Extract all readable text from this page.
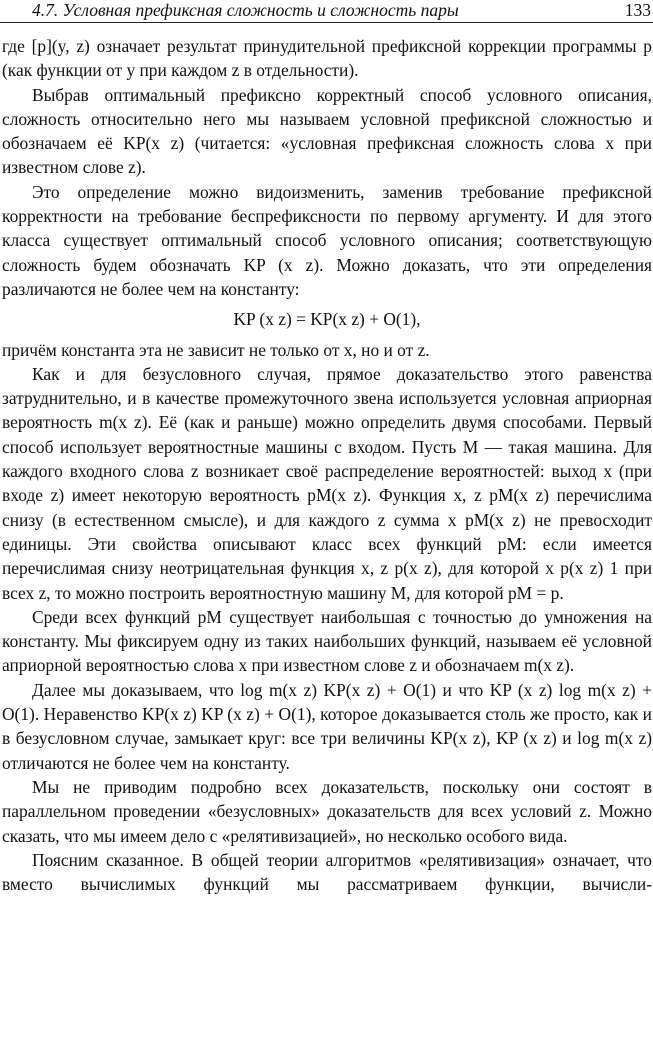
4.7. Условная префиксная сложность и сложность пары	133

где [p](y, z) означает результат принудительной префиксной коррекции программы p (как функции от y при каждом z в отдельности).

Выбрав оптимальный префиксно корректный способ условного описания, сложность относительно него мы называем условной префиксной сложностью и обозначаем её KP(x z) (читается: «условная префиксная сложность слова x при известном слове z).

Это определение можно видоизменить, заменив требование префиксной корректности на требование беспрефиксности по первому аргументу. И для этого класса существует оптимальный способ условного описания; соответствующую сложность будем обозначать KP (x z). Можно доказать, что эти определения различаются не более чем на константу:

KP (x z) = KP(x z) + O(1),

причём константа эта не зависит не только от x, но и от z.

Как и для безусловного случая, прямое доказательство этого равенства затруднительно, и в качестве промежуточного звена используется условная априорная вероятность m(x z). Её (как и раньше) можно определить двумя способами. Первый способ использует вероятностные машины с входом. Пусть M — такая машина. Для каждого входного слова z возникает своё распределение вероятностей: выход x (при входе z) имеет некоторую вероятность pM(x z). Функция x, z pM(x z) перечислима снизу (в естественном смысле), и для каждого z сумма x pM(x z) не превосходит единицы. Эти свойства описывают класс всех функций pM: если имеется перечислимая снизу неотрицательная функция x, z p(x z), для которой x p(x z) 1 при всех z, то можно построить вероятностную машину M, для которой pM = p.

Среди всех функций pM существует наибольшая с точностью до умножения на константу. Мы фиксируем одну из таких наибольших функций, называем её условной априорной вероятностью слова x при известном слове z и обозначаем m(x z).

Далее мы доказываем, что log m(x z) KP(x z) + O(1) и что KP (x z) log m(x z) + O(1). Неравенство KP(x z) KP (x z) + O(1), которое доказывается столь же просто, как и в безусловном случае, замыкает круг: все три величины KP(x z), KP (x z) и log m(x z) отличаются не более чем на константу.

Мы не приводим подробно всех доказательств, поскольку они состоят в параллельном проведении «безусловных» доказательств для всех условий z. Можно сказать, что мы имеем дело с «релятивизацией», но несколько особого вида.

Поясним сказанное. В общей теории алгоритмов «релятивизация» означает, что вместо вычислимых функций мы рассматриваем функции, вычисли-
